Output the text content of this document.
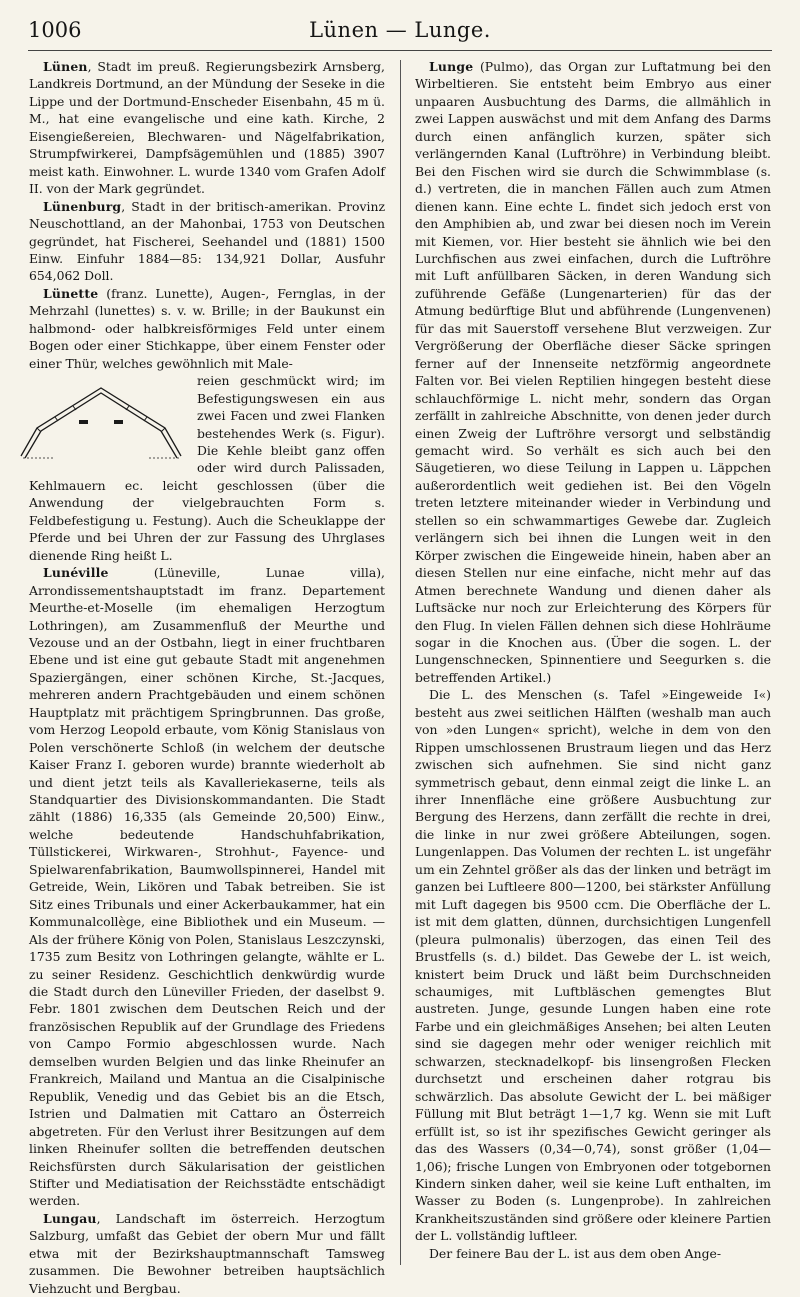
1006	Lünen — Lunge.

Lünen, Stadt im preuß. Regierungsbezirk Arnsberg, Landkreis Dortmund, an der Mündung der Seseke in die Lippe und der Dortmund-Enscheder Eisenbahn, 45 m ü. M., hat eine evangelische und eine kath. Kirche, 2 Eisengießereien, Blechwaren- und Nägelfabrikation, Strumpfwirkerei, Dampfsägemühlen und (1885) 3907 meist kath. Einwohner. L. wurde 1340 vom Grafen Adolf II. von der Mark gegründet.

Lünenburg, Stadt in der britisch-amerikan. Provinz Neuschottland, an der Mahonbai, 1753 von Deutschen gegründet, hat Fischerei, Seehandel und (1881) 1500 Einw. Einfuhr 1884—85: 134,921 Dollar, Ausfuhr 654,062 Doll.

Lünette (franz. Lunette), Augen-, Fernglas, in der Mehrzahl (lunettes) s. v. w. Brille; in der Baukunst ein halbmond- oder halbkreisförmiges Feld unter einem Bogen oder einer Stichkappe, über einem Fenster oder einer Thür, welches gewöhnlich mit Male-

reien geschmückt wird; im Befestigungswesen ein aus zwei Facen und zwei Flanken bestehendes Werk (s. Figur). Die Kehle bleibt ganz offen oder wird durch Palissaden, Kehlmauern ec. leicht geschlossen (über die Anwendung der vielgebrauchten Form s. Feldbefestigung u. Festung). Auch die Scheuklappe der Pferde und bei Uhren der zur Fassung des Uhrglases dienende Ring heißt L.

Lunéville (Lüneville, Lunae villa), Arrondissementshauptstadt im franz. Departement Meurthe-et-Moselle (im ehemaligen Herzogtum Lothringen), am Zusammenfluß der Meurthe und Vezouse und an der Ostbahn, liegt in einer fruchtbaren Ebene und ist eine gut gebaute Stadt mit angenehmen Spaziergängen, einer schönen Kirche, St.-Jacques, mehreren andern Prachtgebäuden und einem schönen Hauptplatz mit prächtigem Springbrunnen. Das große, vom Herzog Leopold erbaute, vom König Stanislaus von Polen verschönerte Schloß (in welchem der deutsche Kaiser Franz I. geboren wurde) brannte wiederholt ab und dient jetzt teils als Kavalleriekaserne, teils als Standquartier des Divisionskommandanten. Die Stadt zählt (1886) 16,335 (als Gemeinde 20,500) Einw., welche bedeutende Handschuhfabrikation, Tüllstickerei, Wirkwaren-, Strohhut-, Fayence- und Spielwarenfabrikation, Baumwollspinnerei, Handel mit Getreide, Wein, Likören und Tabak betreiben. Sie ist Sitz eines Tribunals und einer Ackerbaukammer, hat ein Kommunalcollège, eine Bibliothek und ein Museum. — Als der frühere König von Polen, Stanislaus Leszczynski, 1735 zum Besitz von Lothringen gelangte, wählte er L. zu seiner Residenz. Geschichtlich denkwürdig wurde die Stadt durch den Lüneviller Frieden, der daselbst 9. Febr. 1801 zwischen dem Deutschen Reich und der französischen Republik auf der Grundlage des Friedens von Campo Formio abgeschlossen wurde. Nach demselben wurden Belgien und das linke Rheinufer an Frankreich, Mailand und Mantua an die Cisalpinische Republik, Venedig und das Gebiet bis an die Etsch, Istrien und Dalmatien mit Cattaro an Österreich abgetreten. Für den Verlust ihrer Besitzungen auf dem linken Rheinufer sollten die betreffenden deutschen Reichsfürsten durch Säkularisation der geistlichen Stifter und Mediatisation der Reichsstädte entschädigt werden.

Lungau, Landschaft im österreich. Herzogtum Salzburg, umfaßt das Gebiet der obern Mur und fällt etwa mit der Bezirkshauptmannschaft Tamsweg zusammen. Die Bewohner betreiben hauptsächlich Viehzucht und Bergbau.

Lunge (Pulmo), das Organ zur Luftatmung bei den Wirbeltieren. Sie entsteht beim Embryo aus einer unpaaren Ausbuchtung des Darms, die allmählich in zwei Lappen auswächst und mit dem Anfang des Darms durch einen anfänglich kurzen, später sich verlängernden Kanal (Luftröhre) in Verbindung bleibt. Bei den Fischen wird sie durch die Schwimmblase (s. d.) vertreten, die in manchen Fällen auch zum Atmen dienen kann. Eine echte L. findet sich jedoch erst von den Amphibien ab, und zwar bei diesen noch im Verein mit Kiemen, vor. Hier besteht sie ähnlich wie bei den Lurchfischen aus zwei einfachen, durch die Luftröhre mit Luft anfüllbaren Säcken, in deren Wandung sich zuführende Gefäße (Lungenarterien) für das der Atmung bedürftige Blut und abführende (Lungenvenen) für das mit Sauerstoff versehene Blut verzweigen. Zur Vergrößerung der Oberfläche dieser Säcke springen ferner auf der Innenseite netzförmig angeordnete Falten vor. Bei vielen Reptilien hingegen besteht diese schlauchförmige L. nicht mehr, sondern das Organ zerfällt in zahlreiche Abschnitte, von denen jeder durch einen Zweig der Luftröhre versorgt und selbständig gemacht wird. So verhält es sich auch bei den Säugetieren, wo diese Teilung in Lappen u. Läppchen außerordentlich weit gediehen ist. Bei den Vögeln treten letztere miteinander wieder in Verbindung und stellen so ein schwammartiges Gewebe dar. Zugleich verlängern sich bei ihnen die Lungen weit in den Körper zwischen die Eingeweide hinein, haben aber an diesen Stellen nur eine einfache, nicht mehr auf das Atmen berechnete Wandung und dienen daher als Luftsäcke nur noch zur Erleichterung des Körpers für den Flug. In vielen Fällen dehnen sich diese Hohlräume sogar in die Knochen aus. (Über die sogen. L. der Lungenschnecken, Spinnentiere und Seegurken s. die betreffenden Artikel.)

Die L. des Menschen (s. Tafel »Eingeweide I«) besteht aus zwei seitlichen Hälften (weshalb man auch von »den Lungen« spricht), welche in dem von den Rippen umschlossenen Brustraum liegen und das Herz zwischen sich aufnehmen. Sie sind nicht ganz symmetrisch gebaut, denn einmal zeigt die linke L. an ihrer Innenfläche eine größere Ausbuchtung zur Bergung des Herzens, dann zerfällt die rechte in drei, die linke in nur zwei größere Abteilungen, sogen. Lungenlappen. Das Volumen der rechten L. ist ungefähr um ein Zehntel größer als das der linken und beträgt im ganzen bei Luftleere 800—1200, bei stärkster Anfüllung mit Luft dagegen bis 9500 ccm. Die Oberfläche der L. ist mit dem glatten, dünnen, durchsichtigen Lungenfell (pleura pulmonalis) überzogen, das einen Teil des Brustfells (s. d.) bildet. Das Gewebe der L. ist weich, knistert beim Druck und läßt beim Durchschneiden schaumiges, mit Luftbläschen gemengtes Blut austreten. Junge, gesunde Lungen haben eine rote Farbe und ein gleichmäßiges Ansehen; bei alten Leuten sind sie dagegen mehr oder weniger reichlich mit schwarzen, stecknadelkopf- bis linsengroßen Flecken durchsetzt und erscheinen daher rotgrau bis schwärzlich. Das absolute Gewicht der L. bei mäßiger Füllung mit Blut beträgt 1—1,7 kg. Wenn sie mit Luft erfüllt ist, so ist ihr spezifisches Gewicht geringer als das des Wassers (0,34—0,74), sonst größer (1,04—1,06); frische Lungen von Embryonen oder totgebornen Kindern sinken daher, weil sie keine Luft enthalten, im Wasser zu Boden (s. Lungenprobe). In zahlreichen Krankheitszuständen sind größere oder kleinere Partien der L. vollständig luftleer.

Der feinere Bau der L. ist aus dem oben Ange-
